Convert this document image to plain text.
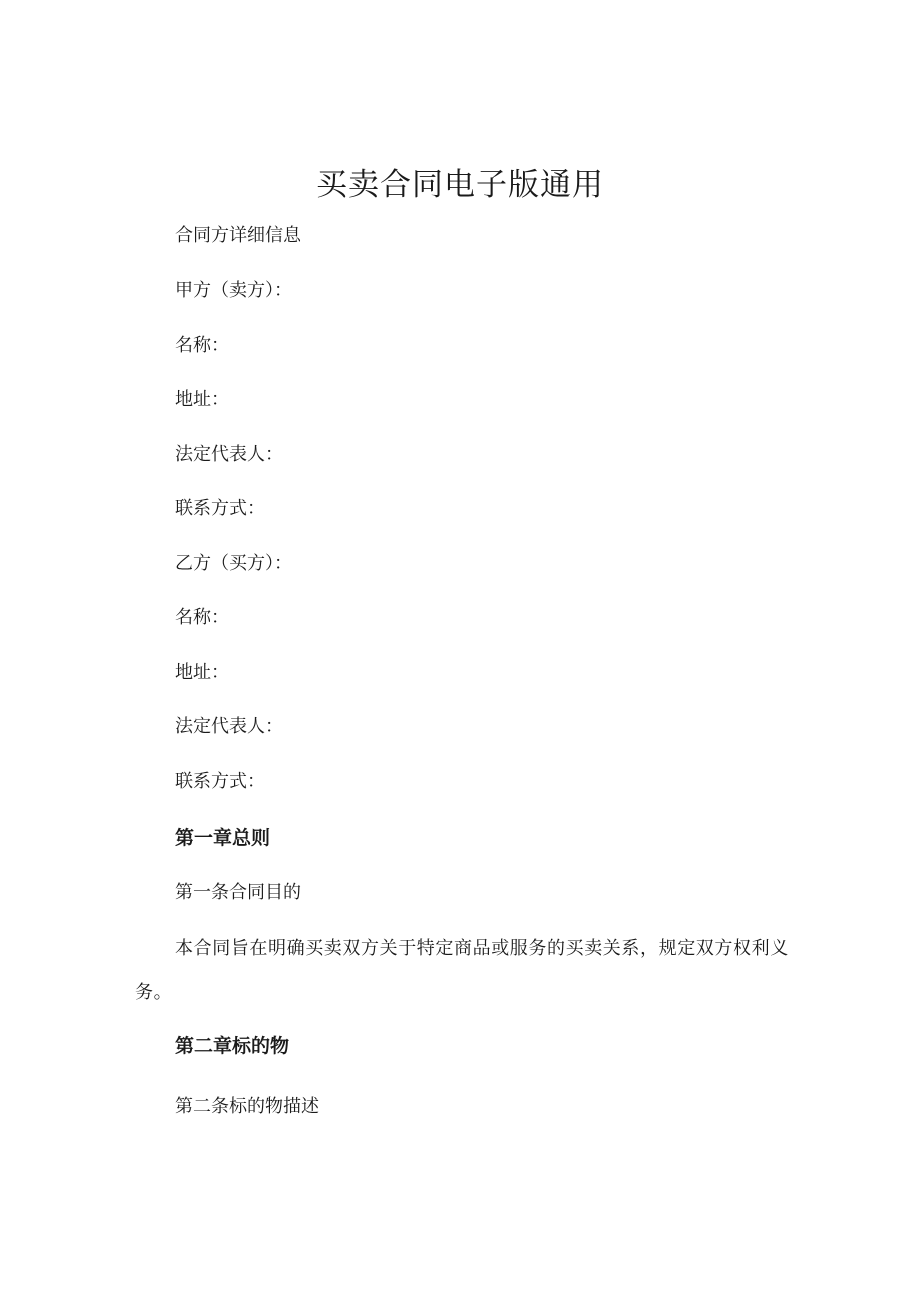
买卖合同电子版通用

合同方详细信息

甲方（卖方）：

名称：

地址：

法定代表人：

联系方式：

乙方（买方）：

名称：

地址：

法定代表人：

联系方式：

第一章总则

第一条合同目的

本合同旨在明确买卖双方关于特定商品或服务的买卖关系，规定双方权利义务。

第二章标的物

第二条标的物描述
